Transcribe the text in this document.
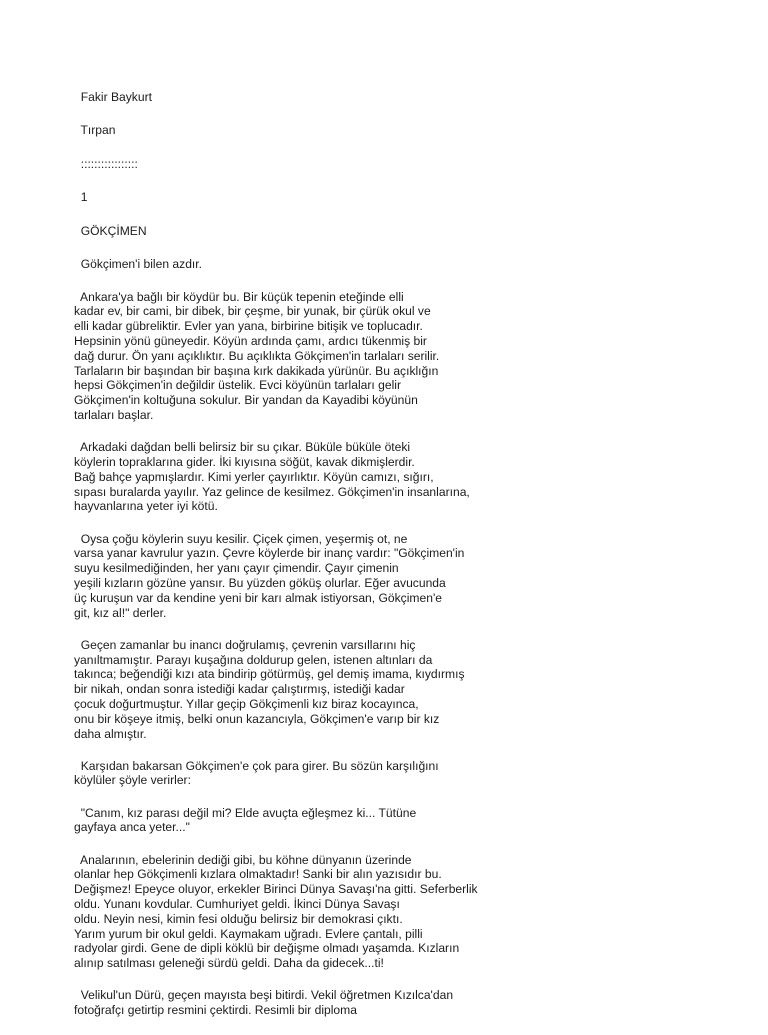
Fakir Baykurt

Tırpan

:::::::::::::::::

1

GÖKÇİMEN

Gökçimen'i bilen azdır.

Ankara'ya bağlı bir köydür bu. Bir küçük tepenin eteğinde elli
kadar ev, bir cami, bir dibek, bir çeşme, bir yunak, bir çürük okul ve
elli kadar gübreliktir. Evler yan yana, birbirine bitişik ve toplucadır.
Hepsinin yönü güneyedir. Köyün ardında çamı, ardıcı tükenmiş bir
dağ durur. Ön yanı açıklıktır. Bu açıklıkta Gökçimen'in tarlaları serilir.
Tarlaların bir başından bir başına kırk dakikada yürünür. Bu açıklığın
hepsi Gökçimen'in değildir üstelik. Evci köyünün tarlaları gelir
Gökçimen'in koltuğuna sokulur. Bir yandan da Kayadibi köyünün
tarlaları başlar.

Arkadaki dağdan belli belirsiz bir su çıkar. Büküle büküle öteki
köylerin topraklarına gider. İki kıyısına söğüt, kavak dikmişlerdir.
Bağ bahçe yapmışlardır. Kimi yerler çayırlıktır. Köyün camızı, sığırı,
sıpası buralarda yayılır. Yaz gelince de kesilmez. Gökçimen'in insanlarına,
hayvanlarına yeter iyi kötü.

Oysa çoğu köylerin suyu kesilir. Çiçek çimen, yeşermiş ot, ne
varsa yanar kavrulur yazın. Çevre köylerde bir inanç vardır: "Gökçimen'in
suyu kesilmediğinden, her yanı çayır çimendir. Çayır çimenin
yeşili kızların gözüne yansır. Bu yüzden göküş olurlar. Eğer avucunda
üç kuruşun var da kendine yeni bir karı almak istiyorsan, Gökçimen'e
git, kız al!" derler.

Geçen zamanlar bu inancı doğrulamış, çevrenin varsıllarını hiç
yanıltmamıştır. Parayı kuşağına doldurup gelen, istenen altınları da
takınca; beğendiği kızı ata bindirip götürmüş, gel demiş imama, kıydırmış
bir nikah, ondan sonra istediği kadar çalıştırmış, istediği kadar
çocuk doğurtmuştur. Yıllar geçip Gökçimenli kız biraz kocayınca,
onu bir köşeye itmiş, belki onun kazancıyla, Gökçimen'e varıp bir kız
daha almıştır.

Karşıdan bakarsan Gökçimen'e çok para girer. Bu sözün karşılığını
köylüler şöyle verirler:

"Canım, kız parası değil mi? Elde avuçta eğleşmez ki... Tütüne
gayfaya anca yeter..."

Analarının, ebelerinin dediği gibi, bu köhne dünyanın üzerinde
olanlar hep Gökçimenli kızlara olmaktadır! Sanki bir alın yazısıdır bu.
Değişmez! Epeyce oluyor, erkekler Birinci Dünya Savaşı'na gitti. Seferberlik
oldu. Yunanı kovdular. Cumhuriyet geldi. İkinci Dünya Savaşı
oldu. Neyin nesi, kimin fesi olduğu belirsiz bir demokrasi çıktı.
Yarım yurum bir okul geldi. Kaymakam uğradı. Evlere çantalı, pilli
radyolar girdi. Gene de dipli köklü bir değişme olmadı yaşamda. Kızların
alınıp satılması geleneği sürdü geldi. Daha da gidecek...ti!

Velikul'un Dürü, geçen mayısta beşi bitirdi. Vekil öğretmen Kızılca'dan
fotoğrafçı getirtip resmini çektirdi. Resimli bir diploma
